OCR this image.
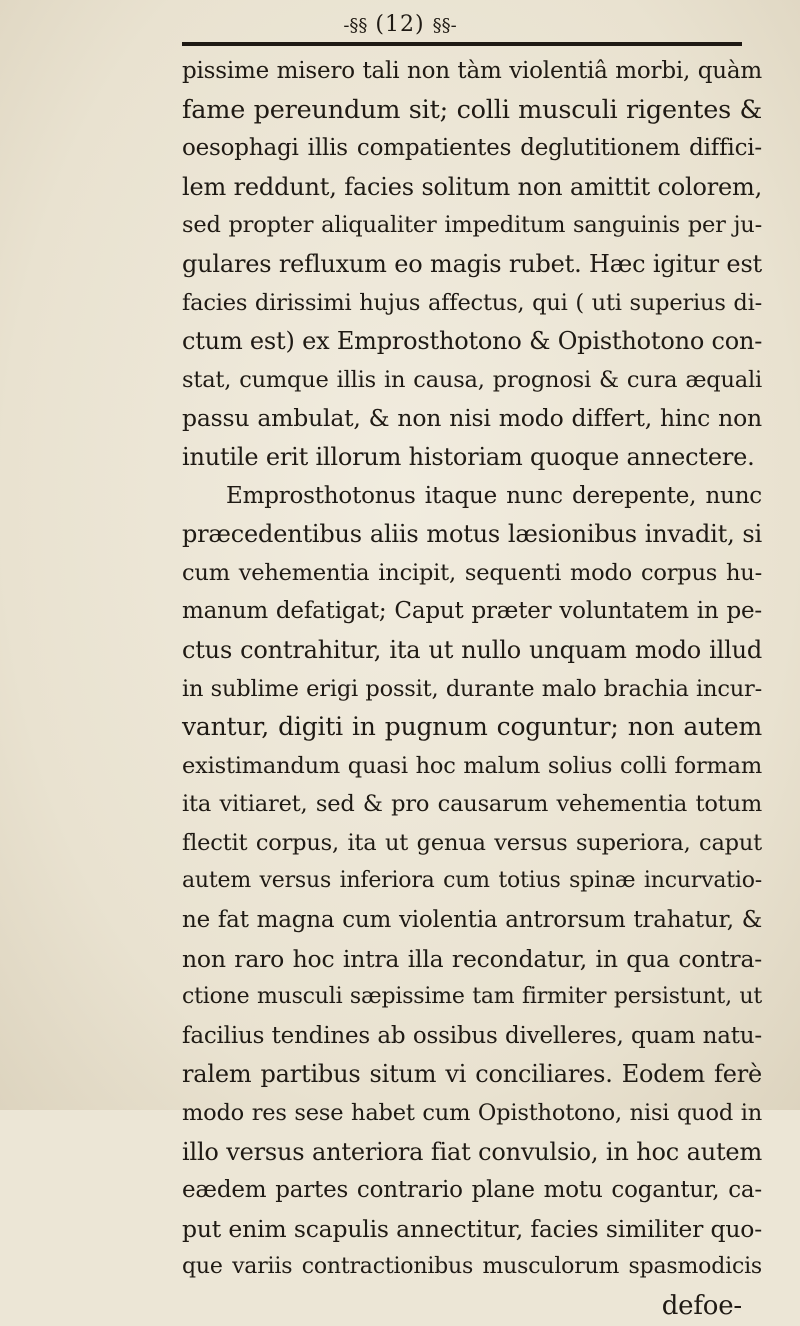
-§§ (12) §§-
pissime misero tali non tàm violentiâ morbi, quàm
fame pereundum sit; colli musculi rigentes &
oesophagi illis compatientes deglutitionem diffici-
lem reddunt, facies solitum non amittit colorem,
sed propter aliqualiter impeditum sanguinis per ju-
gulares refluxum eo magis rubet. Hæc igitur est
facies dirissimi hujus affectus, qui ( uti superius di-
ctum est) ex Emprosthotono & Opisthotono con-
stat, cumque illis in causa, prognosi & cura æquali
passu ambulat, & non nisi modo differt, hinc non
inutile erit illorum historiam quoque annectere.
Emprosthotonus itaque nunc derepente, nunc
præcedentibus aliis motus læsionibus invadit, si
cum vehementia incipit, sequenti modo corpus hu-
manum defatigat; Caput præter voluntatem in pe-
ctus contrahitur, ita ut nullo unquam modo illud
in sublime erigi possit, durante malo brachia incur-
vantur, digiti in pugnum coguntur; non autem
existimandum quasi hoc malum solius colli formam
ita vitiaret, sed & pro causarum vehementia totum
flectit corpus, ita ut genua versus superiora, caput
autem versus inferiora cum totius spinæ incurvatio-
ne fat magna cum violentia antrorsum trahatur, &
non raro hoc intra illa recondatur, in qua contra-
ctione musculi sæpissime tam firmiter persistunt, ut
facilius tendines ab ossibus divelleres, quam natu-
ralem partibus situm vi conciliares. Eodem ferè
modo res sese habet cum Opisthotono, nisi quod in
illo versus anteriora fiat convulsio, in hoc autem
eædem partes contrario plane motu cogantur, ca-
put enim scapulis annectitur, facies similiter quo-
que variis contractionibus musculorum spasmodicis
defoe-
